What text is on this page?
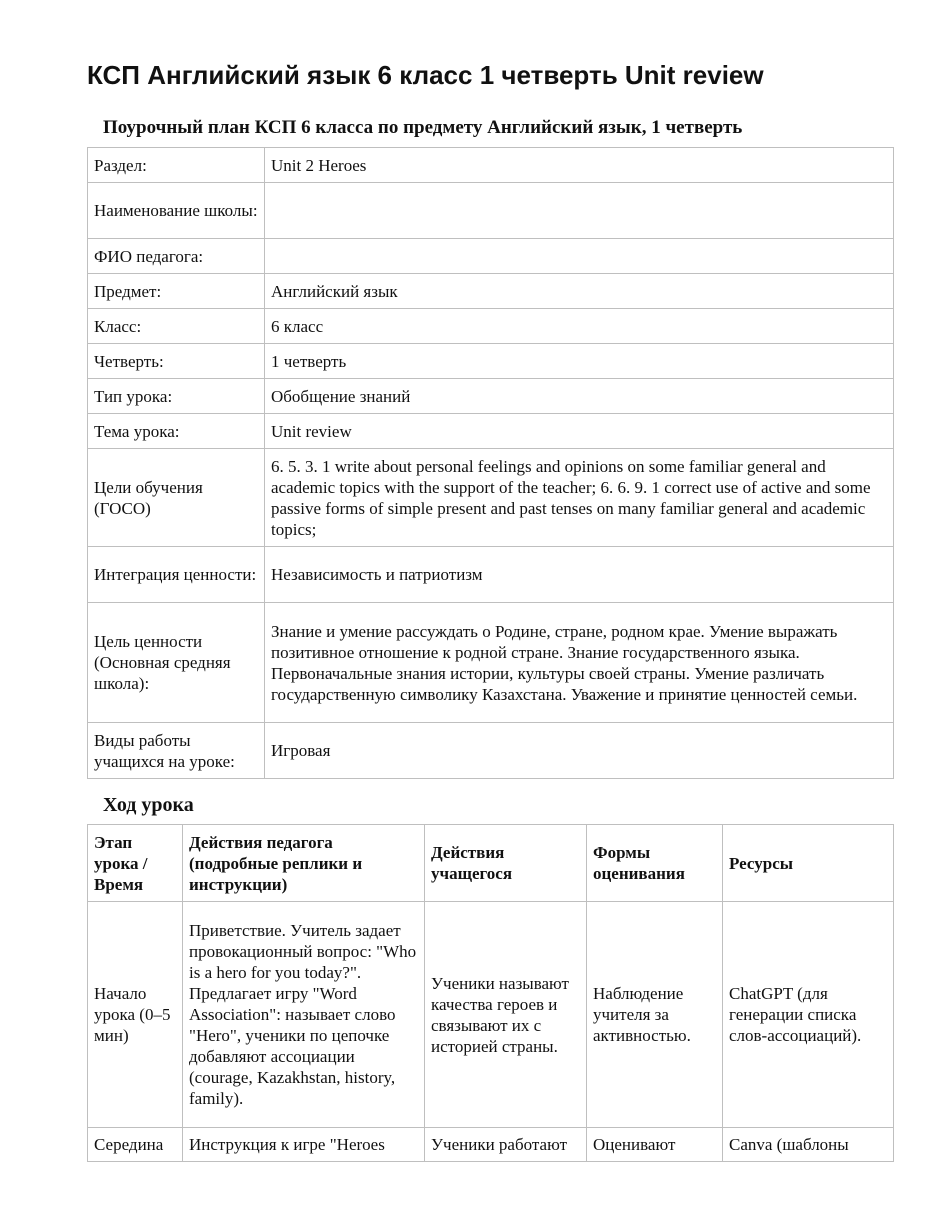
КСП Английский язык 6 класс 1 четверть Unit review
Поурочный план КСП 6 класса по предмету Английский язык, 1 четверть
Раздел:	Unit 2 Heroes
Наименование школы:	
ФИО педагога:	
Предмет:	Английский язык
Класс:	6 класс
Четверть:	1 четверть
Тип урока:	Обобщение знаний
Тема урока:	Unit review
Цели обучения (ГОСО)	6. 5. 3. 1 write about personal feelings and opinions on some familiar general and academic topics with the support of the teacher; 6. 6. 9. 1 correct use of active and some passive forms of simple present and past tenses on many familiar general and academic topics;
Интеграция ценности:	Независимость и патриотизм
Цель ценности (Основная средняя школа):	Знание и умение рассуждать о Родине, стране, родном крае. Умение выражать позитивное отношение к родной стране. Знание государственного языка. Первоначальные знания истории, культуры своей страны. Умение различать государственную символику Казахстана. Уважение и принятие ценностей семьи.
Виды работы учащихся на уроке:	Игровая
Ход урока
Этап урока / Время	Действия педагога (подробные реплики и инструкции)	Действия учащегося	Формы оценивания	Ресурсы
Начало урока (0–5 мин)	Приветствие. Учитель задает провокационный вопрос: "Who is a hero for you today?". Предлагает игру "Word Association": называет слово "Hero", ученики по цепочке добавляют ассоциации (courage, Kazakhstan, history, family).	Ученики называют качества героев и связывают их с историей страны.	Наблюдение учителя за активностью.	ChatGPT (для генерации списка слов-ассоциаций).
Середина	Инструкция к игре "Heroes	Ученики работают	Оценивают	Canva (шаблоны
